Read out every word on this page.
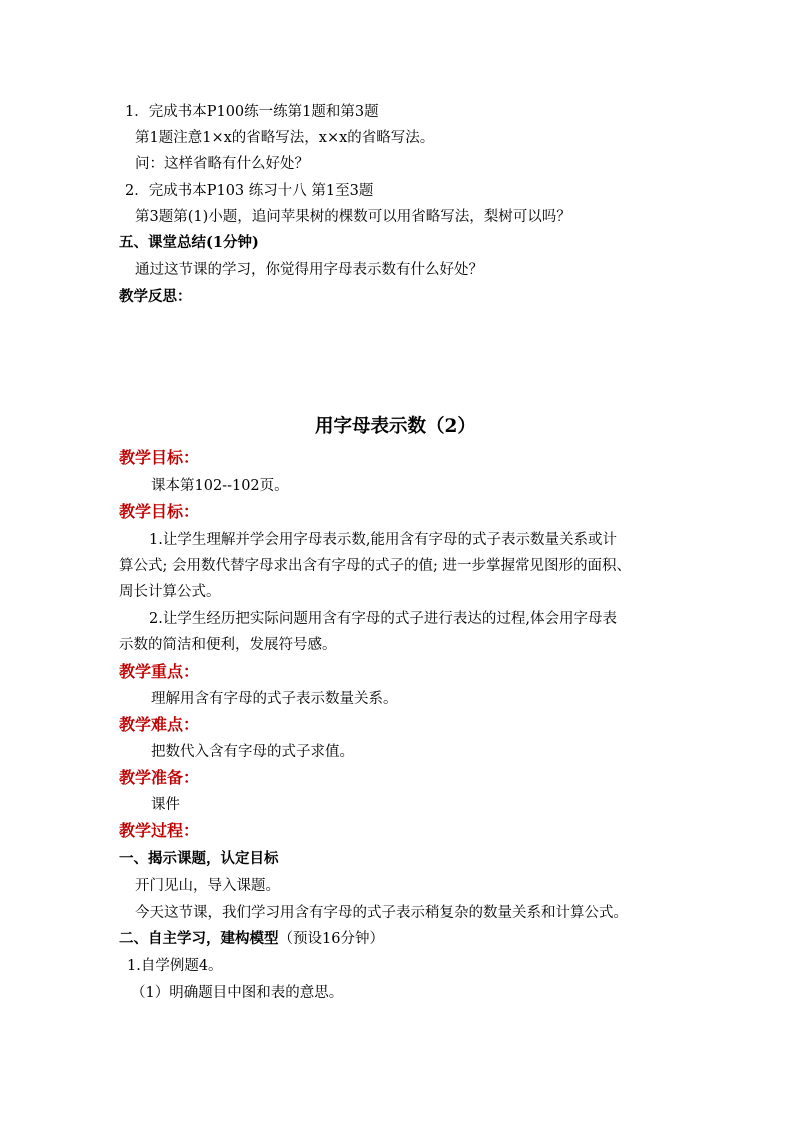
1．完成书本P100练一练第1题和第3题
第1题注意1×x的省略写法，x×x的省略写法。
问：这样省略有什么好处？
2．完成书本P103 练习十八 第1至3题
第3题第(1)小题，追问苹果树的棵数可以用省略写法，梨树可以吗？
五、课堂总结(1分钟)
通过这节课的学习，你觉得用字母表示数有什么好处？
教学反思：
用字母表示数（2）
教学目标：
课本第102--102页。
教学目标：
1.让学生理解并学会用字母表示数,能用含有字母的式子表示数量关系或计
算公式; 会用数代替字母求出含有字母的式子的值; 进一步掌握常见图形的面积、
周长计算公式。
2.让学生经历把实际问题用含有字母的式子进行表达的过程,体会用字母表
示数的简洁和便利，发展符号感。
教学重点：
理解用含有字母的式子表示数量关系。
教学难点：
把数代入含有字母的式子求值。
教学准备：
课件
教学过程：
一、揭示课题，认定目标
开门见山，导入课题。
今天这节课，我们学习用含有字母的式子表示稍复杂的数量关系和计算公式。
二、自主学习，建构模型（预设16分钟）
1.自学例题4。
（1）明确题目中图和表的意思。
